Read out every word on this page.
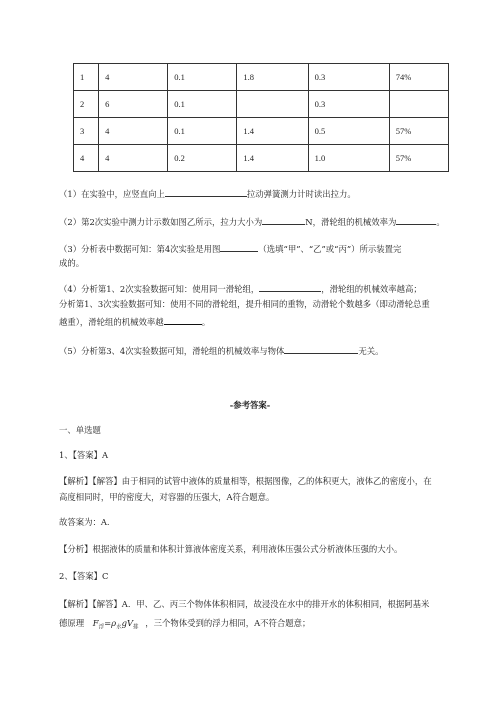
1	4	0.1	1.8	0.3	74%
2	6	0.1		0.3	
3	4	0.1	1.4	0.5	57%
4	4	0.2	1.4	1.0	57%
（1）在实验中，应竖直向上	拉动弹簧测力计时读出拉力。
（2）第2次实验中测力计示数如图乙所示，拉力大小为	N，滑轮组的机械效率为	。
（3）分析表中数据可知：第4次实验是用图	（选填“甲”、“乙”或“丙”）所示装置完
成的。
（4）分析第1、2次实验数据可知：使用同一滑轮组，	，滑轮组的机械效率越高；
分析第1、3次实验数据可知：使用不同的滑轮组，提升相同的重物，动滑轮个数越多（即动滑轮总重
越重），滑轮组的机械效率越	。
（5）分析第3、4次实验数据可知，滑轮组的机械效率与物体	无关。
-参考答案-
一、单选题
1、【答案】A
【解析】【解答】由于相同的试管中液体的质量相等，根据图像，乙的体积更大，液体乙的密度小，在
高度相同时，甲的密度大，对容器的压强大，A符合题意。
故答案为：A.
【分析】根据液体的质量和体积计算液体密度关系，利用液体压强公式分析液体压强的大小。
2、【答案】C
【解析】【解答】A．甲、乙、丙三个物体体积相同，故浸没在水中的排开水的体积相同，根据阿基米
德原理 $F_浮=\rho_水gV_排$ ，三个物体受到的浮力相同，A不符合题意；
